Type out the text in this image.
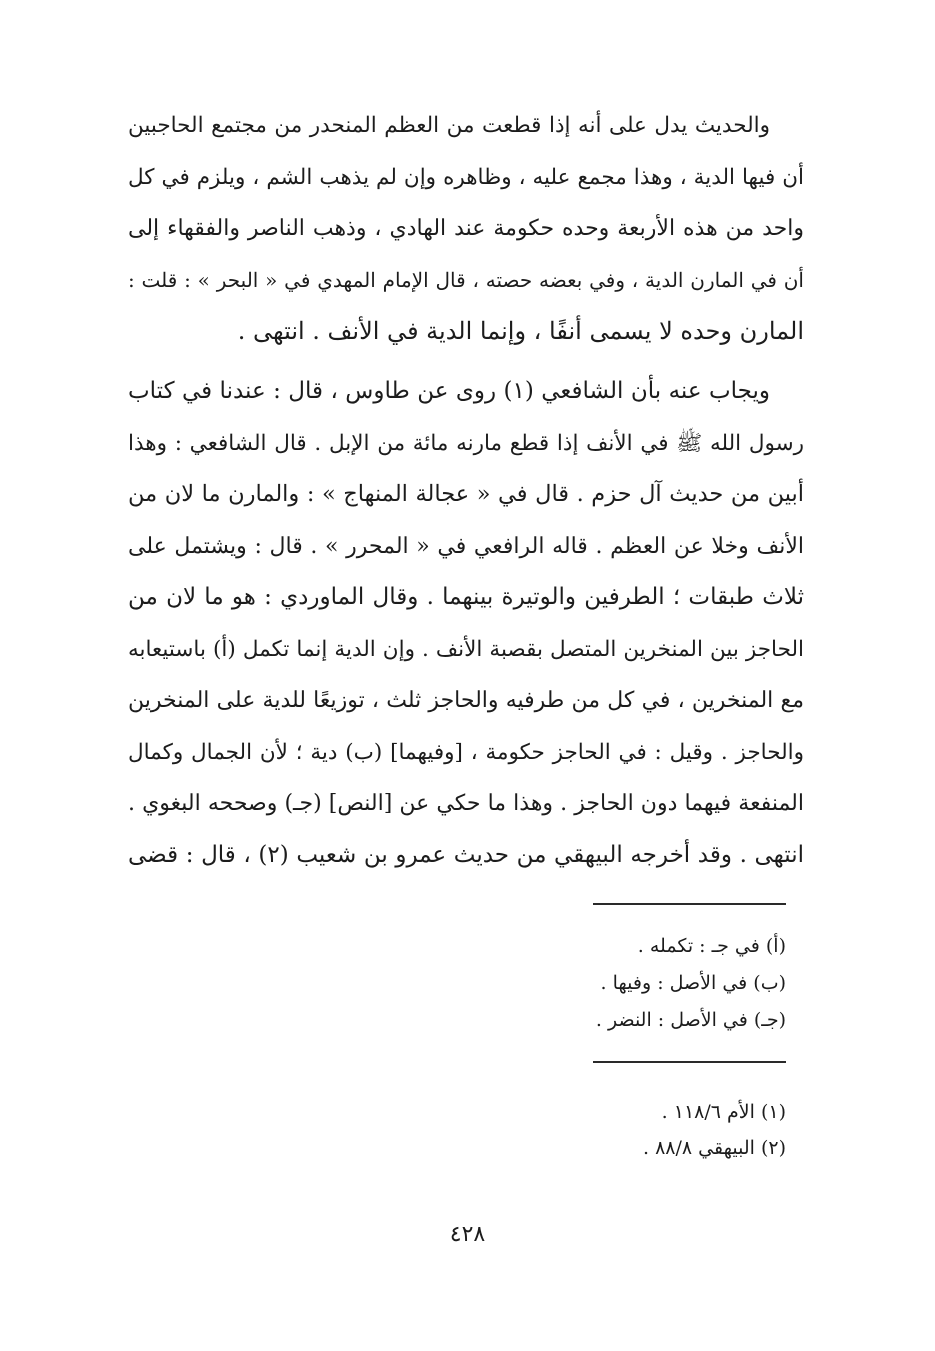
والحديث يدل على أنه إذا قطعت من العظم المنحدر من مجتمع الحاجبين
أن فيها الدية ، وهذا مجمع عليه ، وظاهره وإن لم يذهب الشم ، ويلزم في كل
واحد من هذه الأربعة وحده حكومة عند الهادي ، وذهب الناصر والفقهاء إلى
أن في المارن الدية ، وفي بعضه حصته ، قال الإمام المهدي في « البحر » : قلت :
المارن وحده لا يسمى أنفًا ، وإنما الدية في الأنف . انتهى .
ويجاب عنه بأن الشافعي (١) روى عن طاوس ، قال : عندنا في كتاب
رسول الله ﷺ في الأنف إذا قطع مارنه مائة من الإبل . قال الشافعي : وهذا
أبين من حديث آل حزم . قال في « عجالة المنهاج » : والمارن ما لان من
الأنف وخلا عن العظم . قاله الرافعي في « المحرر » . قال : ويشتمل على
ثلاث طبقات ؛ الطرفين والوتيرة بينهما . وقال الماوردي : هو ما لان من
الحاجز بين المنخرين المتصل بقصبة الأنف . وإن الدية إنما تكمل (أ) باستيعابه
مع المنخرين ، في كل من طرفيه والحاجز ثلث ، توزيعًا للدية على المنخرين
والحاجز . وقيل : في الحاجز حكومة ، [وفيهما] (ب) دية ؛ لأن الجمال وكمال
المنفعة فيهما دون الحاجز . وهذا ما حكي عن [النص] (جـ) وصححه البغوي .
انتهى . وقد أخرجه البيهقي من حديث عمرو بن شعيب (٢) ، قال : قضى
(أ) في جـ : تكمله .
(ب) في الأصل : وفيها .
(جـ) في الأصل : النضر .
(١) الأم ١١٨/٦ .
(٢) البيهقي ٨٨/٨ .
٤٢٨
